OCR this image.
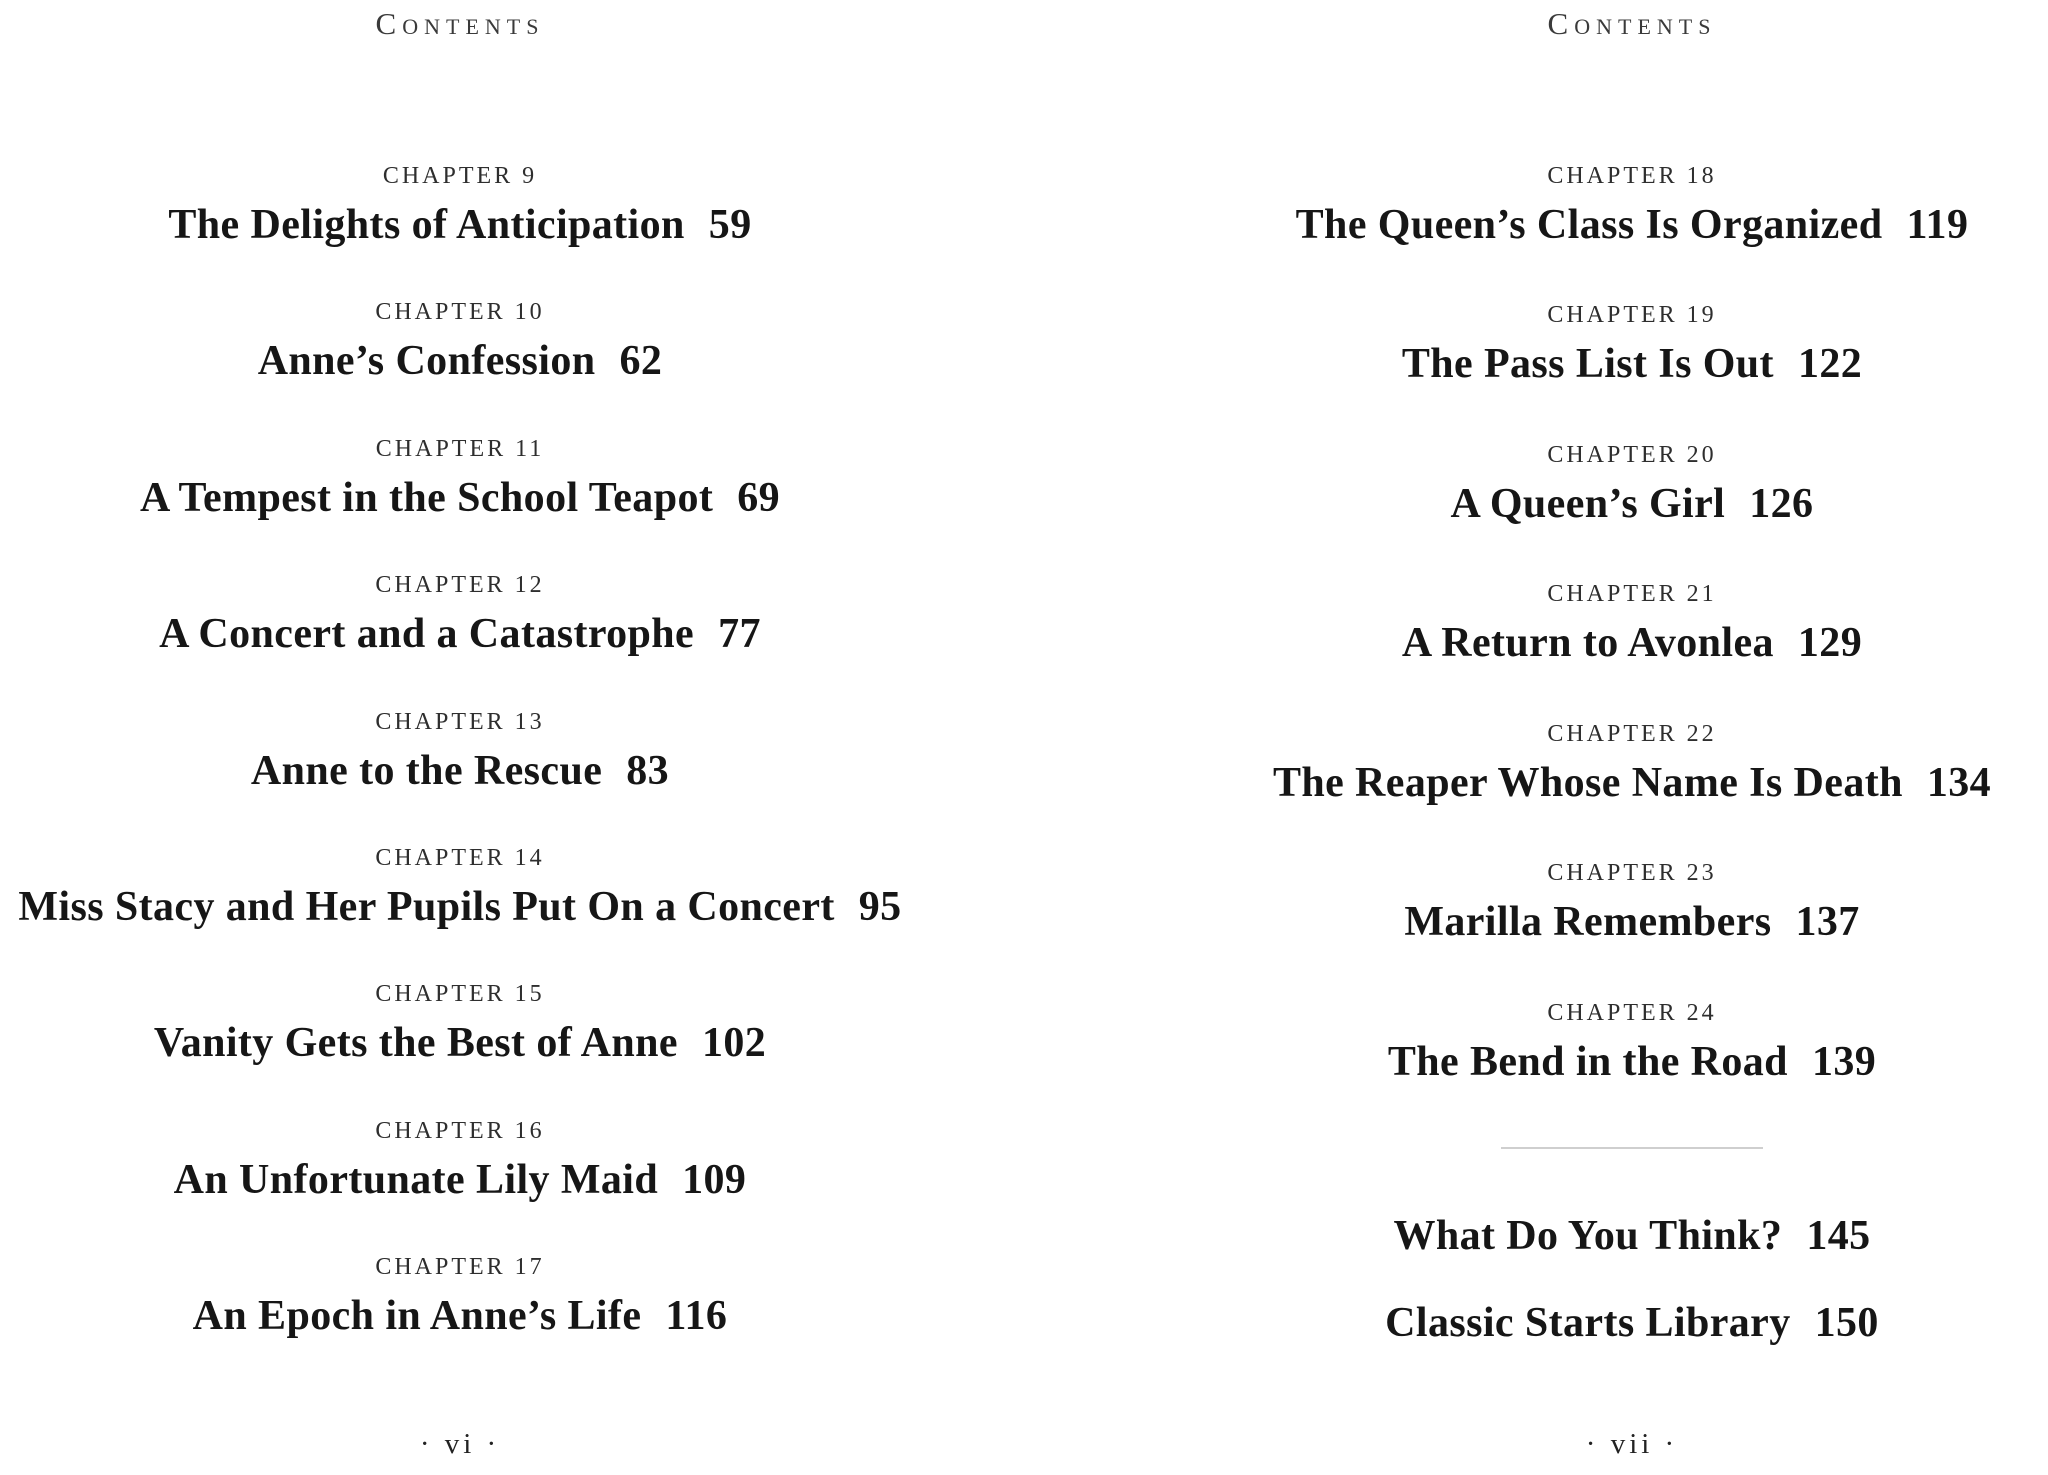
Contents
CHAPTER 9
The Delights of Anticipation 59
CHAPTER 10
Anne’s Confession 62
CHAPTER 11
A Tempest in the School Teapot 69
CHAPTER 12
A Concert and a Catastrophe 77
CHAPTER 13
Anne to the Rescue 83
CHAPTER 14
Miss Stacy and Her Pupils Put On a Concert 95
CHAPTER 15
Vanity Gets the Best of Anne 102
CHAPTER 16
An Unfortunate Lily Maid 109
CHAPTER 17
An Epoch in Anne’s Life 116
· vi ·
Contents
CHAPTER 18
The Queen’s Class Is Organized 119
CHAPTER 19
The Pass List Is Out 122
CHAPTER 20
A Queen’s Girl 126
CHAPTER 21
A Return to Avonlea 129
CHAPTER 22
The Reaper Whose Name Is Death 134
CHAPTER 23
Marilla Remembers 137
CHAPTER 24
The Bend in the Road 139
What Do You Think? 145
Classic Starts Library 150
· vii ·
